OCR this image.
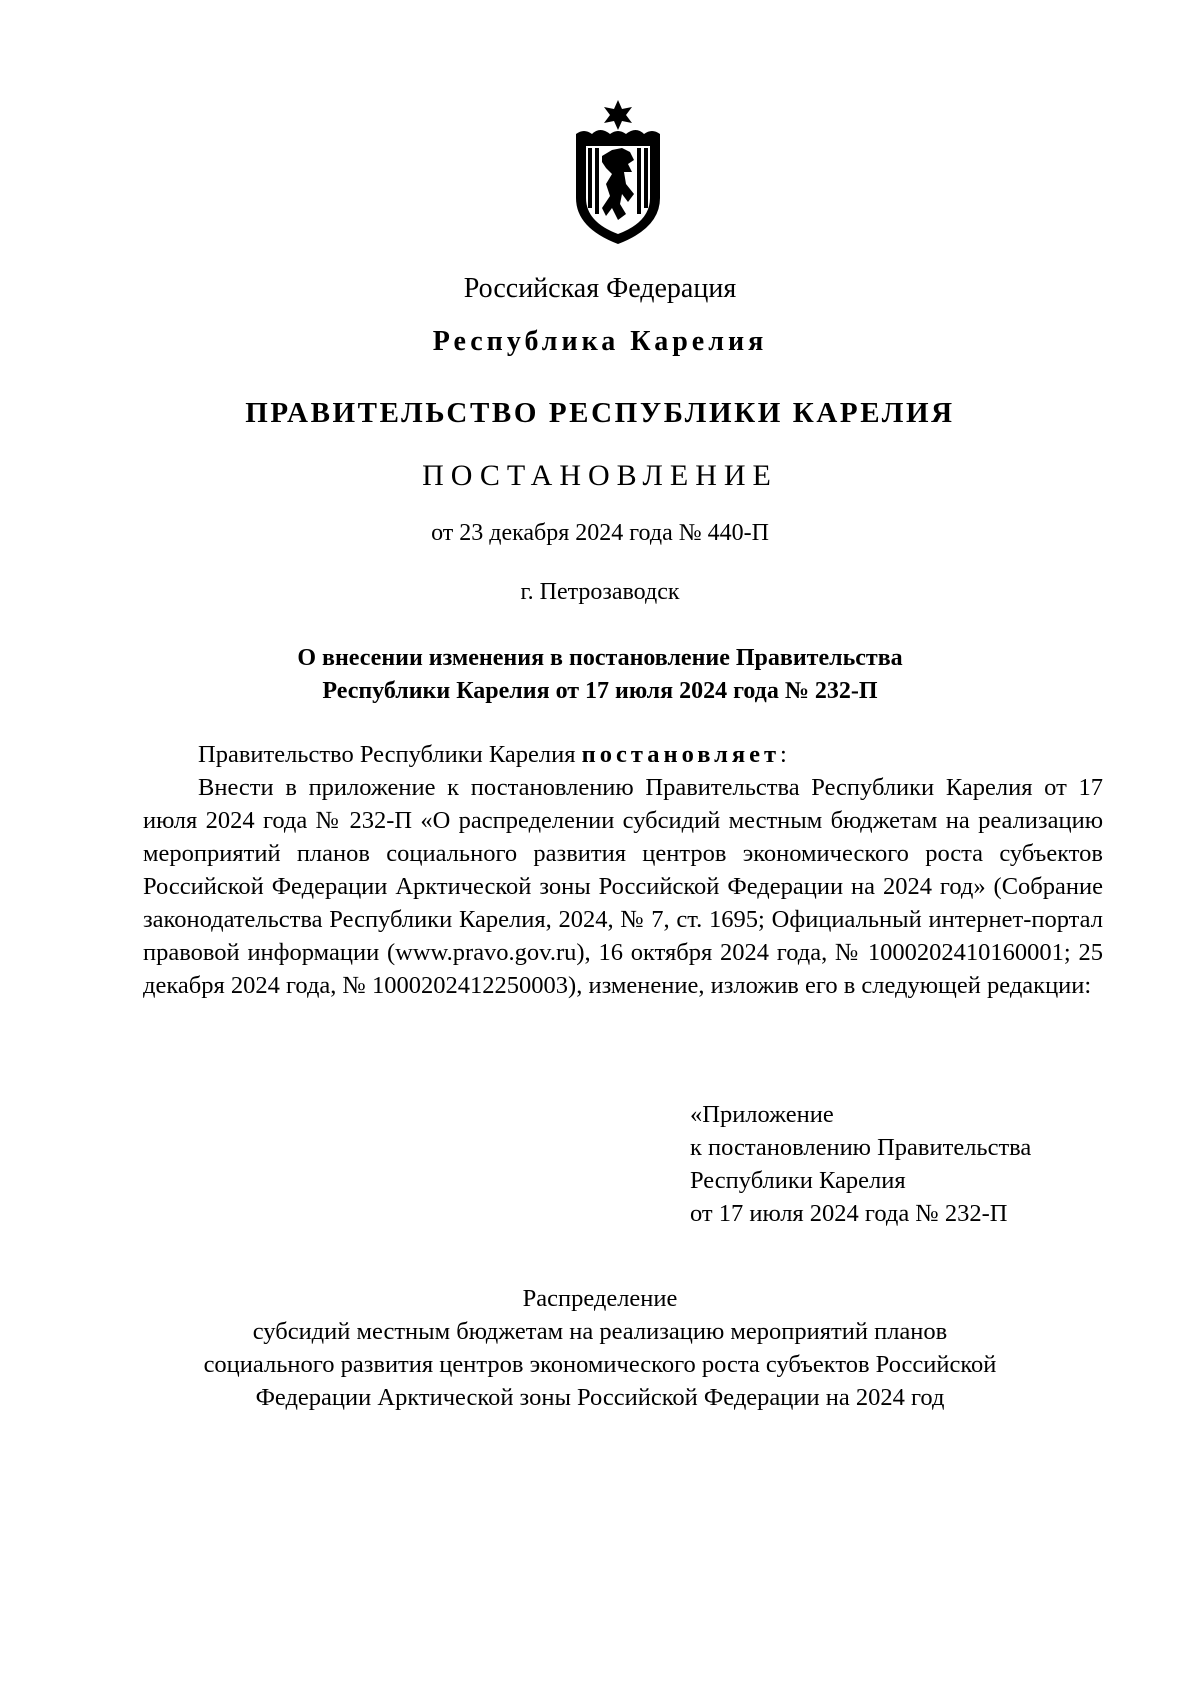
Российская Федерация
Республика Карелия
ПРАВИТЕЛЬСТВО РЕСПУБЛИКИ КАРЕЛИЯ
ПОСТАНОВЛЕНИЕ
от 23 декабря 2024 года № 440-П
г. Петрозаводск
О внесении изменения в постановление Правительства
Республики Карелия от 17 июля 2024 года № 232-П
Правительство Республики Карелия постановляет:
Внести в приложение к постановлению Правительства Республики Карелия от 17 июля 2024 года № 232-П «О распределении субсидий местным бюджетам на реализацию мероприятий планов социального развития центров экономического роста субъектов Российской Федерации Арктической зоны Российской Федерации на 2024 год» (Собрание законодательства Республики Карелия, 2024, № 7, ст. 1695; Официальный интернет-портал правовой информации (www.pravo.gov.ru), 16 октября 2024 года, № 1000202410160001; 25 декабря 2024 года, № 1000202412250003), изменение, изложив его в следующей редакции:
«Приложение
к постановлению Правительства
Республики Карелия
от 17 июля 2024 года № 232-П
Распределение
субсидий местным бюджетам на реализацию мероприятий планов
социального развития центров экономического роста субъектов Российской
Федерации Арктической зоны Российской Федерации на 2024 год
